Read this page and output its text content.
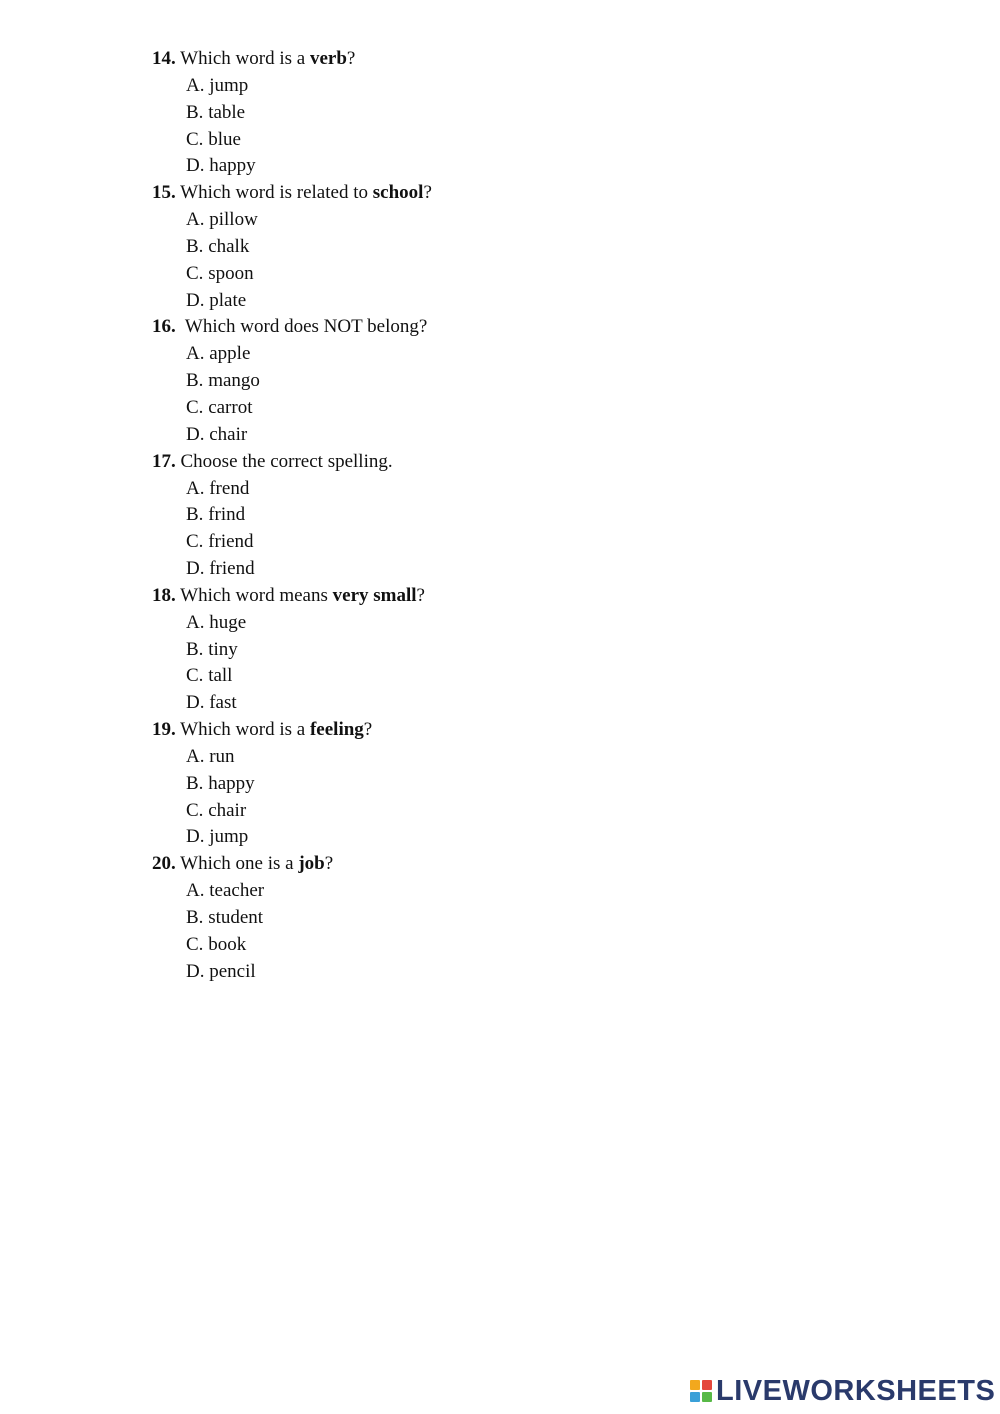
14. Which word is a verb?
A. jump
B. table
C. blue
D. happy
15. Which word is related to school?
A. pillow
B. chalk
C. spoon
D. plate
16.  Which word does NOT belong?
A. apple
B. mango
C. carrot
D. chair
17. Choose the correct spelling.
A. frend
B. frind
C. friend
D. friend
18. Which word means very small?
A. huge
B. tiny
C. tall
D. fast
19. Which word is a feeling?
A. run
B. happy
C. chair
D. jump
20. Which one is a job?
A. teacher
B. student
C. book
D. pencil
LIVEWORKSHEETS
